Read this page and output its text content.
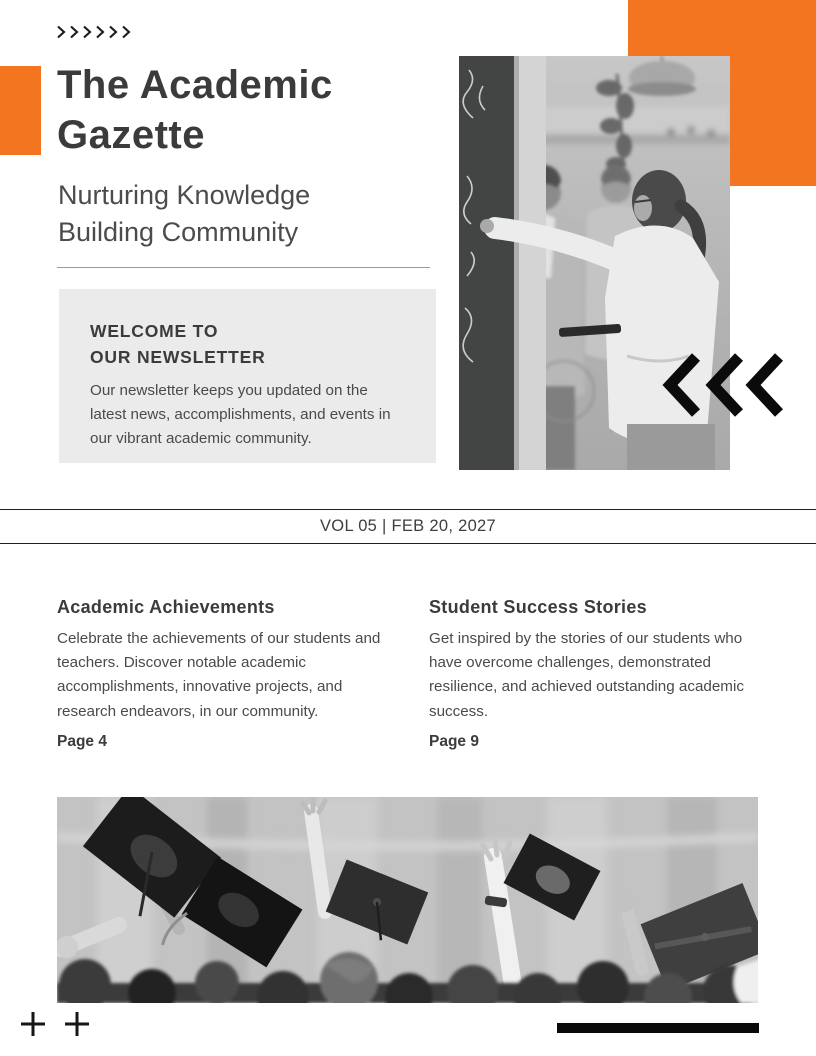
The Academic
Gazette
Nurturing Knowledge
Building Community
WELCOME TO
OUR NEWSLETTER

Our newsletter keeps you updated on the latest news, accomplishments, and events in our vibrant academic community.

VOL 05 | FEB 20, 2027
Academic Achievements

Celebrate the achievements of our students and teachers. Discover notable academic accomplishments, innovative projects, and research endeavors, in our community.

Page 4
Student Success Stories

Get inspired by the stories of our students who have overcome challenges, demonstrated resilience, and achieved outstanding academic success.

Page 9
